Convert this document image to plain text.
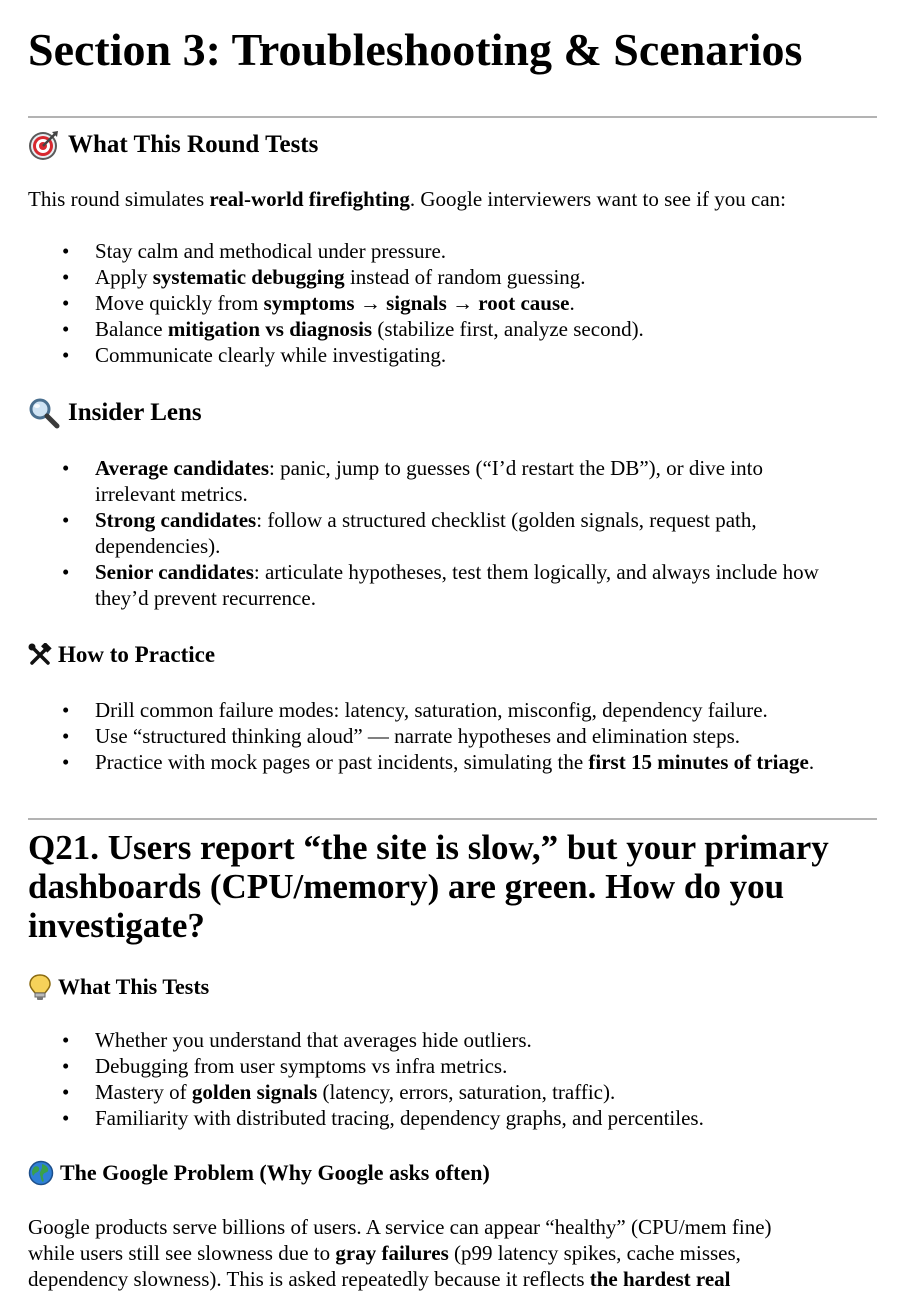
Section 3: Troubleshooting & Scenarios
What This Round Tests
This round simulates real-world firefighting. Google interviewers want to see if you can:
• Stay calm and methodical under pressure.
• Apply systematic debugging instead of random guessing.
• Move quickly from symptoms → signals → root cause.
• Balance mitigation vs diagnosis (stabilize first, analyze second).
• Communicate clearly while investigating.
Insider Lens
• Average candidates: panic, jump to guesses (“I’d restart the DB”), or dive into
irrelevant metrics.
• Strong candidates: follow a structured checklist (golden signals, request path,
dependencies).
• Senior candidates: articulate hypotheses, test them logically, and always include how
they’d prevent recurrence.
How to Practice
• Drill common failure modes: latency, saturation, misconfig, dependency failure.
• Use “structured thinking aloud” — narrate hypotheses and elimination steps.
• Practice with mock pages or past incidents, simulating the first 15 minutes of triage.
Q21. Users report “the site is slow,” but your primary
dashboards (CPU/memory) are green. How do you
investigate?
What This Tests
• Whether you understand that averages hide outliers.
• Debugging from user symptoms vs infra metrics.
• Mastery of golden signals (latency, errors, saturation, traffic).
• Familiarity with distributed tracing, dependency graphs, and percentiles.
The Google Problem (Why Google asks often)
Google products serve billions of users. A service can appear “healthy” (CPU/mem fine)
while users still see slowness due to gray failures (p99 latency spikes, cache misses,
dependency slowness). This is asked repeatedly because it reflects the hardest real
